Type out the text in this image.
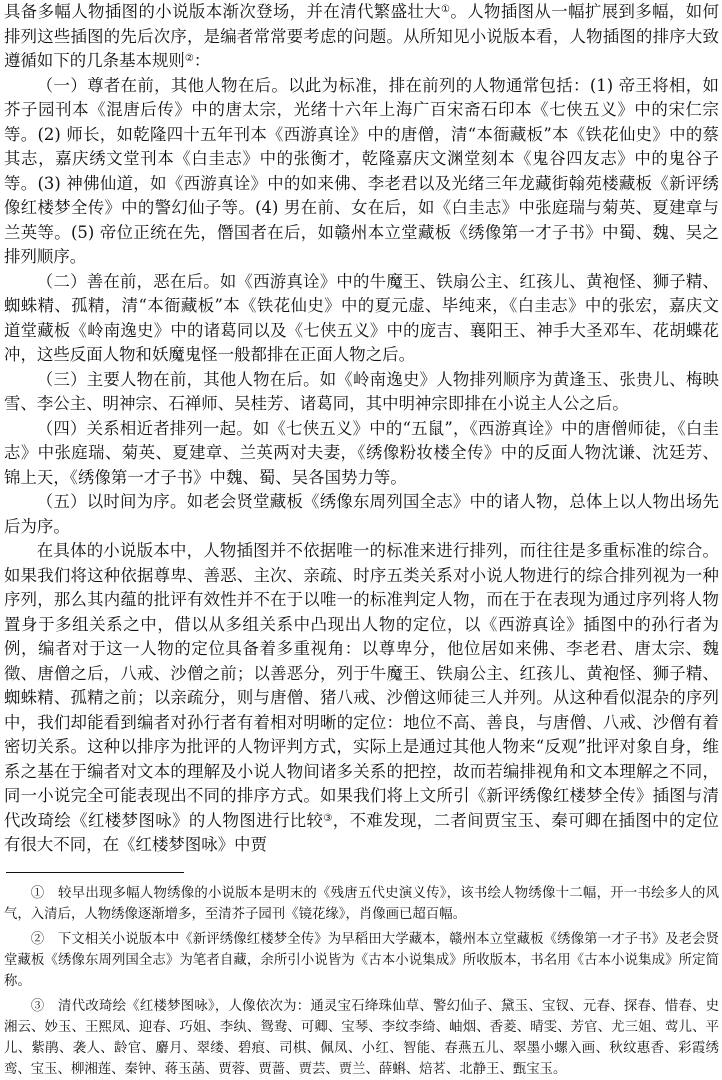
具备多幅人物插图的小说版本渐次登场，并在清代繁盛壮大①。人物插图从一幅扩展到多幅，如何排列这些插图的先后次序，是编者常常要考虑的问题。从所知见小说版本看，人物插图的排序大致遵循如下的几条基本规则②：

（一）尊者在前，其他人物在后。以此为标准，排在前列的人物通常包括：(1) 帝王将相，如芥子园刊本《混唐后传》中的唐太宗，光绪十六年上海广百宋斋石印本《七侠五义》中的宋仁宗等。(2) 师长，如乾隆四十五年刊本《西游真诠》中的唐僧，清“本衙藏板”本《铁花仙史》中的蔡其志，嘉庆绣文堂刊本《白圭志》中的张衡才，乾隆嘉庆文渊堂刻本《鬼谷四友志》中的鬼谷子等。(3) 神佛仙道，如《西游真诠》中的如来佛、李老君以及光绪三年龙藏街翰苑楼藏板《新评绣像红楼梦全传》中的警幻仙子等。(4) 男在前、女在后，如《白圭志》中张庭瑞与菊英、夏建章与兰英等。(5) 帝位正统在先，僭国者在后，如赣州本立堂藏板《绣像第一才子书》中蜀、魏、吴之排列顺序。

（二）善在前，恶在后。如《西游真诠》中的牛魔王、铁扇公主、红孩儿、黄袍怪、狮子精、蜘蛛精、孤精，清“本衙藏板”本《铁花仙史》中的夏元虚、毕纯来，《白圭志》中的张宏，嘉庆文道堂藏板《岭南逸史》中的诸葛同以及《七侠五义》中的庞吉、襄阳王、神手大圣邓车、花胡蝶花冲，这些反面人物和妖魔鬼怪一般都排在正面人物之后。

（三）主要人物在前，其他人物在后。如《岭南逸史》人物排列顺序为黄逢玉、张贵儿、梅映雪、李公主、明神宗、石禅师、吴桂芳、诸葛同，其中明神宗即排在小说主人公之后。

（四）关系相近者排列一起。如《七侠五义》中的“五鼠”，《西游真诠》中的唐僧师徒，《白圭志》中张庭瑞、菊英、夏建章、兰英两对夫妻，《绣像粉妆楼全传》中的反面人物沈谦、沈廷芳、锦上天，《绣像第一才子书》中魏、蜀、吴各国势力等。

（五）以时间为序。如老会贤堂藏板《绣像东周列国全志》中的诸人物，总体上以人物出场先后为序。

在具体的小说版本中，人物插图并不依据唯一的标准来进行排列，而往往是多重标准的综合。如果我们将这种依据尊卑、善恶、主次、亲疏、时序五类关系对小说人物进行的综合排列视为一种序列，那么其内蕴的批评有效性并不在于以唯一的标准判定人物，而在于在表现为通过序列将人物置身于多组关系之中，借以从多组关系中凸现出人物的定位，以《西游真诠》插图中的孙行者为例，编者对于这一人物的定位具备着多重视角：以尊卑分，他位居如来佛、李老君、唐太宗、魏徵、唐僧之后，八戒、沙僧之前；以善恶分，列于牛魔王、铁扇公主、红孩儿、黄袍怪、狮子精、蜘蛛精、孤精之前；以亲疏分，则与唐僧、猪八戒、沙僧这师徒三人并列。从这种看似混杂的序列中，我们却能看到编者对孙行者有着相对明晰的定位：地位不高、善良，与唐僧、八戒、沙僧有着密切关系。这种以排序为批评的人物评判方式，实际上是通过其他人物来“反观”批评对象自身，维系之基在于编者对文本的理解及小说人物间诸多关系的把控，故而若编排视角和文本理解之不同，同一小说完全可能表现出不同的排序方式。如果我们将上文所引《新评绣像红楼梦全传》插图与清代改琦绘《红楼梦图咏》的人物图进行比较③，不难发现，二者间贾宝玉、秦可卿在插图中的定位有很大不同，在《红楼梦图咏》中贾

①　较早出现多幅人物绣像的小说版本是明末的《残唐五代史演义传》，该书绘人物绣像十二幅，开一书绘多人的风气，入清后，人物绣像逐渐增多，至清芥子园刊《镜花缘》，肖像画已超百幅。

②　下文相关小说版本中《新评绣像红楼梦全传》为早稻田大学藏本，赣州本立堂藏板《绣像第一才子书》及老会贤堂藏板《绣像东周列国全志》为笔者自藏，余所引小说皆为《古本小说集成》所收版本，书名用《古本小说集成》所定简称。

③　清代改琦绘《红楼梦图咏》，人像依次为：通灵宝石绛珠仙草、警幻仙子、黛玉、宝钗、元春、探春、惜春、史湘云、妙玉、王熙凤、迎春、巧姐、李纨、鸳鸯、可卿、宝琴、李纹李绮、岫烟、香菱、晴雯、芳官、尤三姐、莺儿、平儿、紫鹃、袭人、龄官、麝月、翠缕、碧痕、司棋、佩凤、小红、智能、春燕五儿、翠墨小螺入画、秋纹惠香、彩霞绣鸾、宝玉、柳湘莲、秦钟、蒋玉菡、贾蓉、贾蔷、贾芸、贾兰、薛蝌、焙茗、北静王、甄宝玉。
